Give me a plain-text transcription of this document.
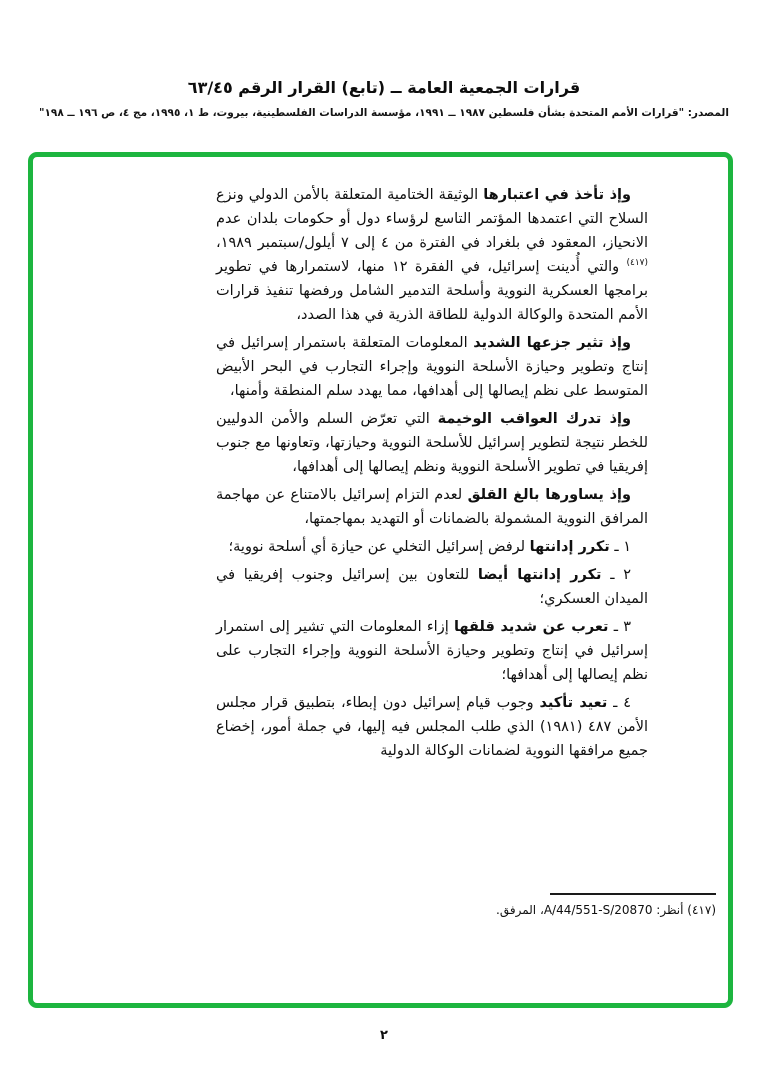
قرارات الجمعية العامة ــ (تابع) القرار الرقم ٦٣/٤٥
المصدر: "قرارات الأمم المتحدة بشأن فلسطين ١٩٨٧ ــ ١٩٩١، مؤسسة الدراسات الفلسطينية، بيروت، ط ١، ١٩٩٥، مج ٤، ص ١٩٦ ــ ١٩٨"

وإذ تأخذ في اعتبارها الوثيقة الختامية المتعلقة بالأمن الدولي ونزع السلاح التي اعتمدها المؤتمر التاسع لرؤساء دول أو حكومات بلدان عدم الانحياز، المعقود في بلغراد في الفترة من ٤ إلى ٧ أيلول/سبتمبر ١٩٨٩،$^{(٤١٧)}$ والتي أُدينت إسرائيل، في الفقرة ١٢ منها، لاستمرارها في تطوير برامجها العسكرية النووية وأسلحة التدمير الشامل ورفضها تنفيذ قرارات الأمم المتحدة والوكالة الدولية للطاقة الذرية في هذا الصدد،

وإذ تثير جزعها الشديد المعلومات المتعلقة باستمرار إسرائيل في إنتاج وتطوير وحيازة الأسلحة النووية وإجراء التجارب في البحر الأبيض المتوسط على نظم إيصالها إلى أهدافها، مما يهدد سلم المنطقة وأمنها،

وإذ تدرك العواقب الوخيمة التي تعرّض السلم والأمن الدوليين للخطر نتيجة لتطوير إسرائيل للأسلحة النووية وحيازتها، وتعاونها مع جنوب إفريقيا في تطوير الأسلحة النووية ونظم إيصالها إلى أهدافها،

وإذ يساورها بالغ القلق لعدم التزام إسرائيل بالامتناع عن مهاجمة المرافق النووية المشمولة بالضمانات أو التهديد بمهاجمتها،

١ ـ تكرر إدانتها لرفض إسرائيل التخلي عن حيازة أي أسلحة نووية؛

٢ ـ تكرر إدانتها أيضا للتعاون بين إسرائيل وجنوب إفريقيا في الميدان العسكري؛

٣ ـ تعرب عن شديد قلقها إزاء المعلومات التي تشير إلى استمرار إسرائيل في إنتاج وتطوير وحيازة الأسلحة النووية وإجراء التجارب على نظم إيصالها إلى أهدافها؛

٤ ـ تعيد تأكيد وجوب قيام إسرائيل دون إبطاء، بتطبيق قرار مجلس الأمن ٤٨٧ (١٩٨١) الذي طلب المجلس فيه إليها، في جملة أمور، إخضاع جميع مرافقها النووية لضمانات الوكالة الدولية

(٤١٧) أنظر: A/44/551-S/20870، المرفق.
٢
